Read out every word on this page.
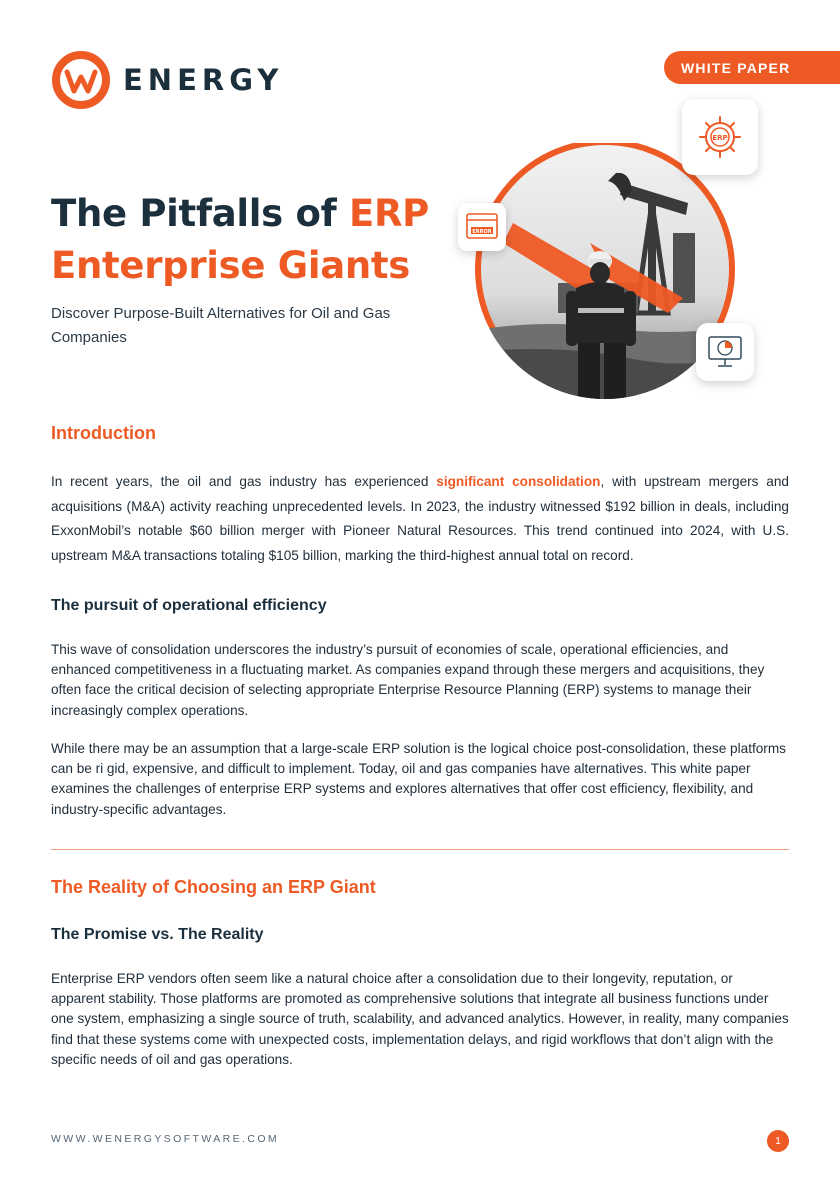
ENERGY	WHITE PAPER
The Pitfalls of ERP
Enterprise Giants

Discover Purpose-Built Alternatives for Oil and Gas Companies

ERP
ERROR
Introduction

In recent years, the oil and gas industry has experienced significant consolidation, with upstream mergers and acquisitions (M&A) activity reaching unprecedented levels. In 2023, the industry witnessed $192 billion in deals, including ExxonMobil’s notable $60 billion merger with Pioneer Natural Resources. This trend continued into 2024, with U.S. upstream M&A transactions totaling $105 billion, marking the third-highest annual total on record.

The pursuit of operational efficiency

This wave of consolidation underscores the industry’s pursuit of economies of scale, operational efficiencies, and enhanced competitiveness in a fluctuating market. As companies expand through these mergers and acquisitions, they often face the critical decision of selecting appropriate Enterprise Resource Planning (ERP) systems to manage their increasingly complex operations.

While there may be an assumption that a large-scale ERP solution is the logical choice post-consolidation, these platforms can be ri gid, expensive, and difficult to implement. Today, oil and gas companies have alternatives. This white paper examines the challenges of enterprise ERP systems and explores alternatives that offer cost efficiency, flexibility, and industry-specific advantages.

The Reality of Choosing an ERP Giant
The Promise vs. The Reality

Enterprise ERP vendors often seem like a natural choice after a consolidation due to their longevity, reputation, or apparent stability. Those platforms are promoted as comprehensive solutions that integrate all business functions under one system, emphasizing a single source of truth, scalability, and advanced analytics. However, in reality, many companies find that these systems come with unexpected costs, implementation delays, and rigid workflows that don’t align with the specific needs of oil and gas operations.

WWW.WENERGYSOFTWARE.COM	1
